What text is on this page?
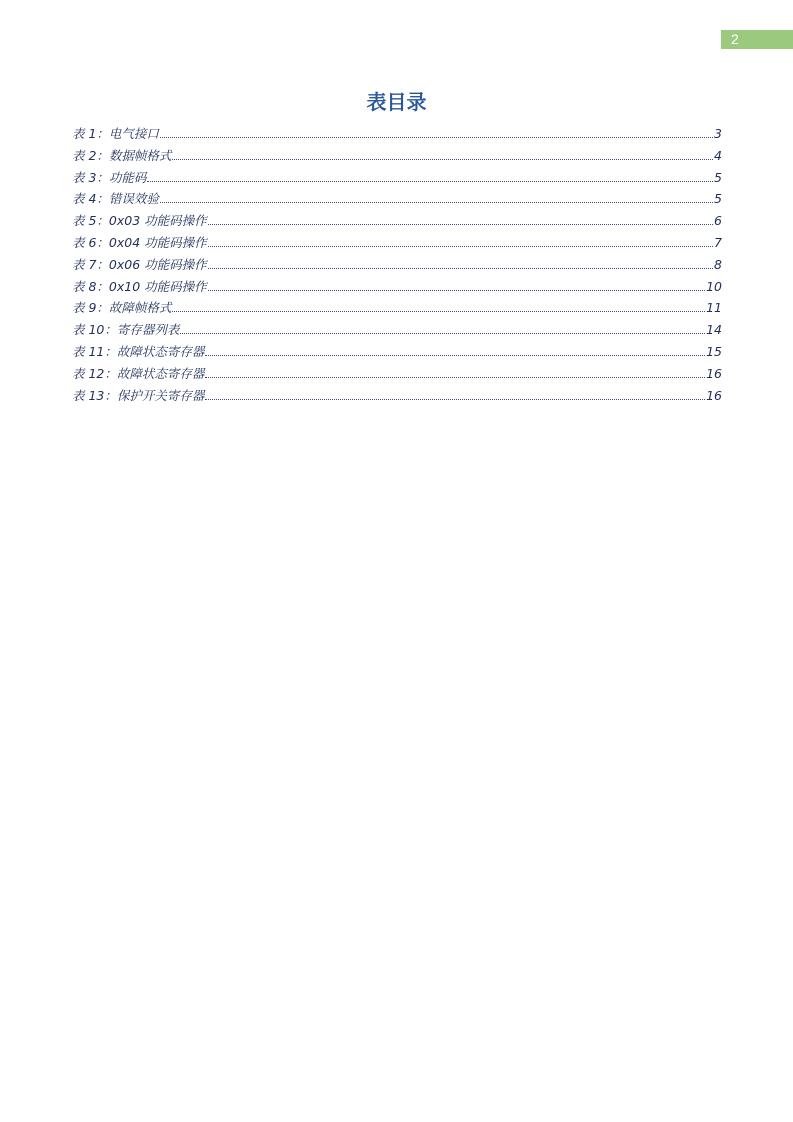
2
表目录
表 1：电气接口	3
表 2：数据帧格式	4
表 3：功能码	5
表 4：错误效验	5
表 5：0x03 功能码操作	6
表 6：0x04 功能码操作	7
表 7：0x06 功能码操作	8
表 8：0x10 功能码操作	10
表 9：故障帧格式	11
表 10：寄存器列表	14
表 11：故障状态寄存器	15
表 12：故障状态寄存器	16
表 13：保护开关寄存器	16
